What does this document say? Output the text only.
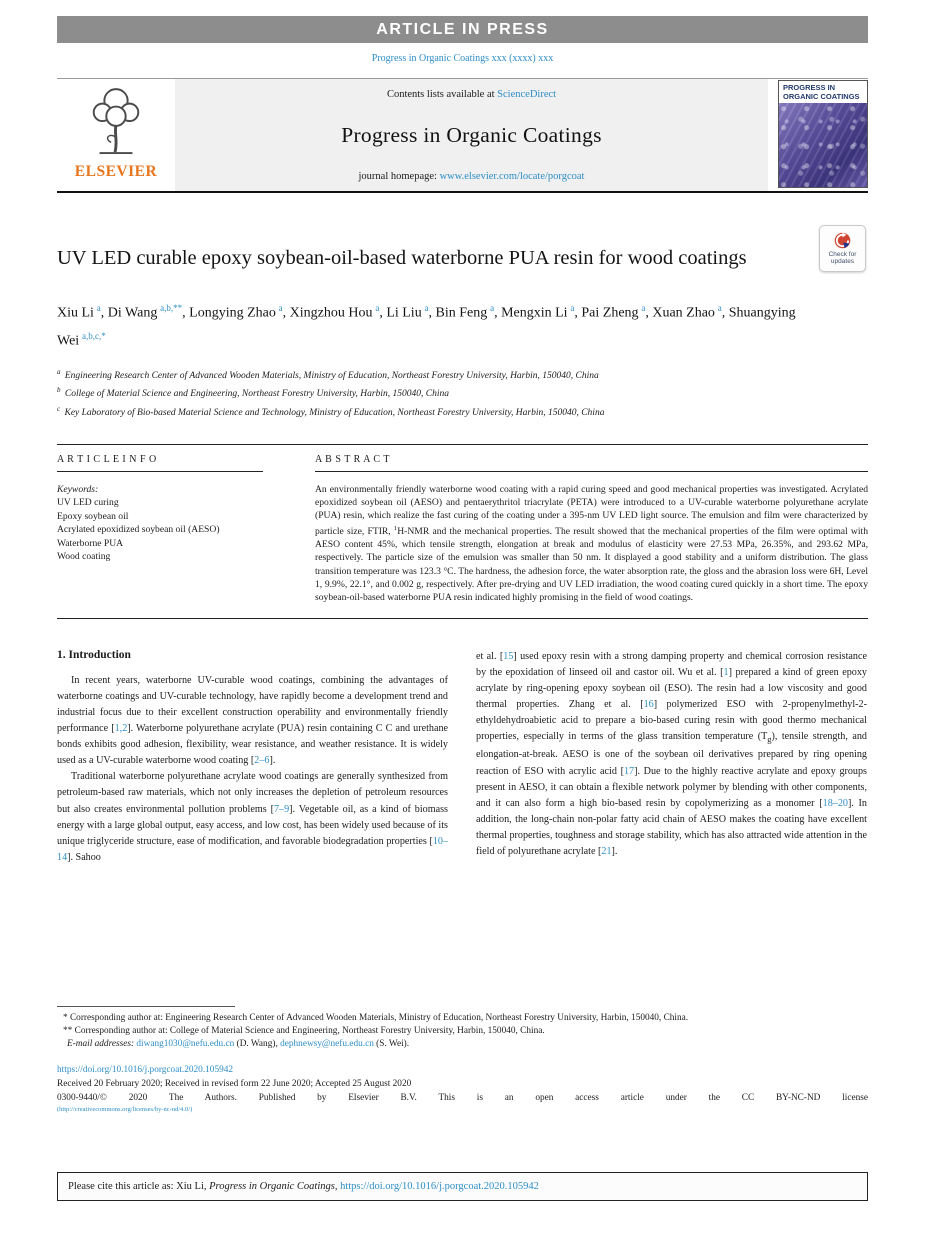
ARTICLE IN PRESS
Progress in Organic Coatings xxx (xxxx) xxx
ELSEVIER
Contents lists available at ScienceDirect
Progress in Organic Coatings
journal homepage: www.elsevier.com/locate/porgcoat
PROGRESS IN ORGANIC COATINGS
UV LED curable epoxy soybean-oil-based waterborne PUA resin for wood coatings	Check for updates
Xiu Li  $^a$, Di Wang  $^{a,b,**}$, Longying Zhao  $^a$, Xingzhou Hou  $^a$, Li Liu  $^a$, Bin Feng  $^a$, Mengxin Li  $^a$, Pai Zheng  $^a$, Xuan Zhao  $^a$, Shuangying Wei  $^{a,b,c,*}$
$^a$ Engineering Research Center of Advanced Wooden Materials, Ministry of Education, Northeast Forestry University, Harbin, 150040, China
$^b$ College of Material Science and Engineering, Northeast Forestry University, Harbin, 150040, China
$^c$ Key Laboratory of Bio-based Material Science and Technology, Ministry of Education, Northeast Forestry University, Harbin, 150040, China
A R T I C L E I N F O
Keywords:
UV LED curing
Epoxy soybean oil
Acrylated epoxidized soybean oil (AESO)
Waterborne PUA
Wood coating
A B S T R A C T
An environmentally friendly waterborne wood coating with a rapid curing speed and good mechanical properties was investigated. Acrylated epoxidized soybean oil (AESO) and pentaerythritol triacrylate (PETA) were introduced to a UV-curable waterborne polyurethane acrylate (PUA) resin, which realize the fast curing of the coating under a 395-nm UV LED light source. The emulsion and film were characterized by particle size, FTIR, $^1$H-NMR and the mechanical properties. The result showed that the mechanical properties of the film were optimal with AESO content 45%, which tensile strength, elongation at break and modulus of elasticity were 27.53 MPa, 26.35%, and 293.62 MPa, respectively. The particle size of the emulsion was smaller than 50 nm. It displayed a good stability and a uniform distribution. The glass transition temperature was 123.3 °C. The hardness, the adhesion force, the water absorption rate, the gloss and the abrasion loss were 6H, Level 1, 9.9%, 22.1°, and 0.002 g, respectively. After pre-drying and UV LED irradiation, the wood coating cured quickly in a short time. The epoxy soybean-oil-based waterborne PUA resin indicated highly promising in the field of wood coatings.
1. Introduction

In recent years, waterborne UV-curable wood coatings, combining the advantages of waterborne coatings and UV-curable technology, have rapidly become a development trend and industrial focus due to their excellent construction operability and environmentally friendly performance [1,2]. Waterborne polyurethane acrylate (PUA) resin containing C C and urethane bonds exhibits good adhesion, flexibility, wear resistance, and weather resistance. It is widely used as a UV-curable waterborne wood coating [2–6].

Traditional waterborne polyurethane acrylate wood coatings are generally synthesized from petroleum-based raw materials, which not only increases the depletion of petroleum resources but also creates environmental pollution problems [7–9]. Vegetable oil, as a kind of biomass energy with a large global output, easy access, and low cost, has been widely used because of its unique triglyceride structure, ease of modification, and favorable biodegradation properties [10–14]. Sahoo

et al. [15] used epoxy resin with a strong damping property and chemical corrosion resistance by the epoxidation of linseed oil and castor oil. Wu et al. [1] prepared a kind of green epoxy acrylate by ring-opening epoxy soybean oil (ESO). The resin had a low viscosity and good thermal properties. Zhang et al. [16] polymerized ESO with 2-propenylmethyl-2-ethyldehydroabietic acid to prepare a bio-based curing resin with good thermo mechanical properties, especially in terms of the glass transition temperature $(T_g)$, tensile strength, and elongation-at-break. AESO is one of the soybean oil derivatives prepared by ring opening reaction of ESO with acrylic acid [17]. Due to the highly reactive acrylate and epoxy groups present in AESO, it can obtain a flexible network polymer by blending with other components, and it can also form a high bio-based resin by copolymerizing as a monomer [18–20]. In addition, the long-chain non-polar fatty acid chain of AESO makes the coating have excellent thermal properties, toughness and storage stability, which has also attracted wide attention in the field of polyurethane acrylate [21].

* Corresponding author at: Engineering Research Center of Advanced Wooden Materials, Ministry of Education, Northeast Forestry University, Harbin, 150040, China.
** Corresponding author at: College of Material Science and Engineering, Northeast Forestry University, Harbin, 150040, China.
E-mail addresses: diwang1030@nefu.edu.cn (D. Wang), dephnewsy@nefu.edu.cn (S. Wei).
https://doi.org/10.1016/j.porgcoat.2020.105942
Received 20 February 2020; Received in revised form 22 June 2020; Accepted 25 August 2020
0300-9440/© 2020 The Authors. Published by Elsevier B.V. This is an open access article under the CC BY-NC-ND license
(http://creativecommons.org/licenses/by-nc-nd/4.0/)
Please cite this article as: Xiu Li, Progress in Organic Coatings, https://doi.org/10.1016/j.porgcoat.2020.105942
